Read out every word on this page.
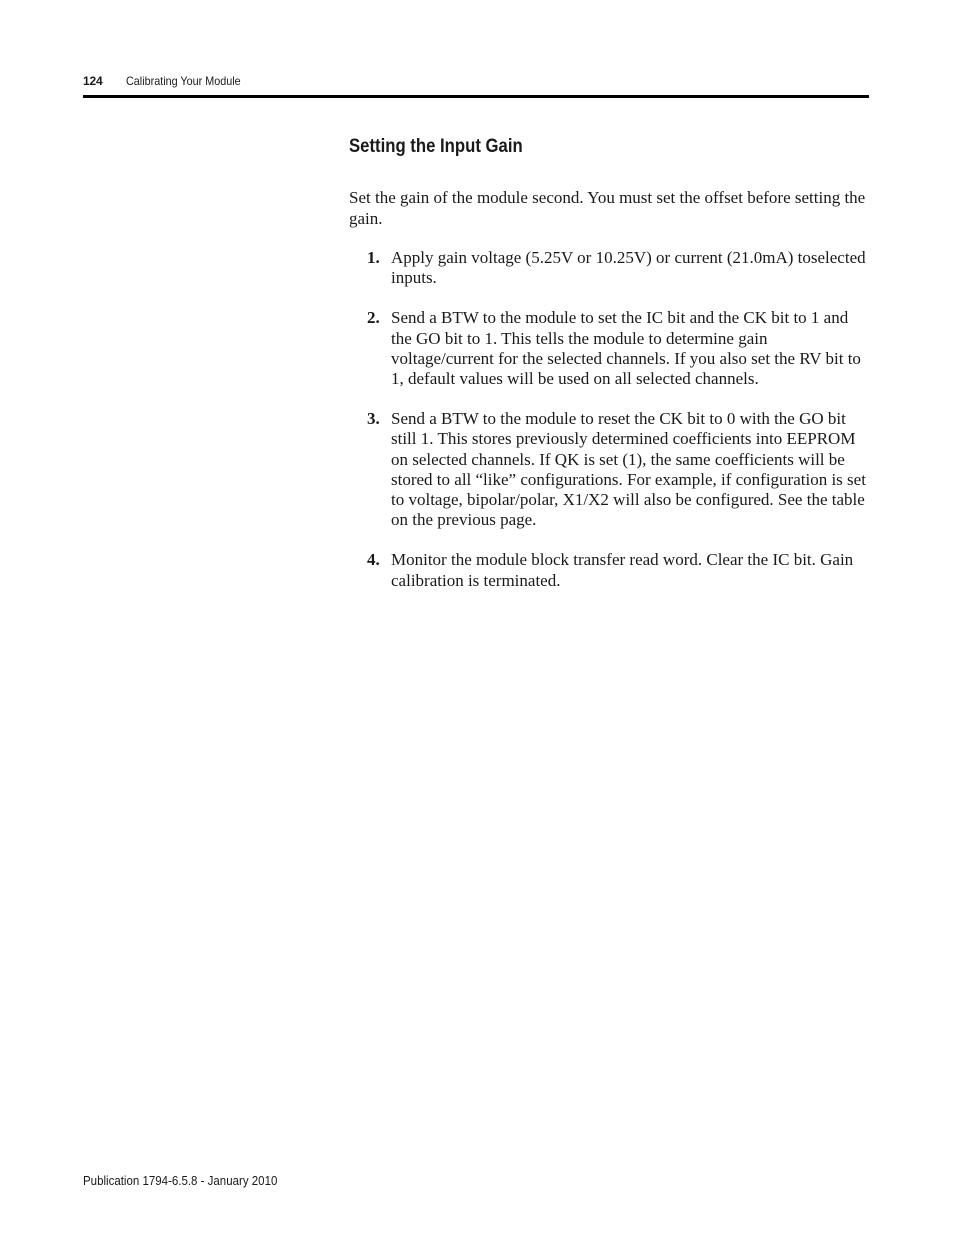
124 Calibrating Your Module
Setting the Input Gain

Set the gain of the module second. You must set the offset before setting the gain.

1. Apply gain voltage (5.25V or 10.25V) or current (21.0mA) toselected inputs.
2. Send a BTW to the module to set the IC bit and the CK bit to 1 and the GO bit to 1. This tells the module to determine gain voltage/current for the selected channels. If you also set the RV bit to 1, default values will be used on all selected channels.
3. Send a BTW to the module to reset the CK bit to 0 with the GO bit still 1. This stores previously determined coefficients into EEPROM on selected channels. If QK is set (1), the same coefficients will be stored to all “like” configurations. For example, if configuration is set to voltage, bipolar/polar, X1/X2 will also be configured. See the table on the previous page.
4. Monitor the module block transfer read word. Clear the IC bit. Gain calibration is terminated.
Publication 1794-6.5.8 - January 2010
